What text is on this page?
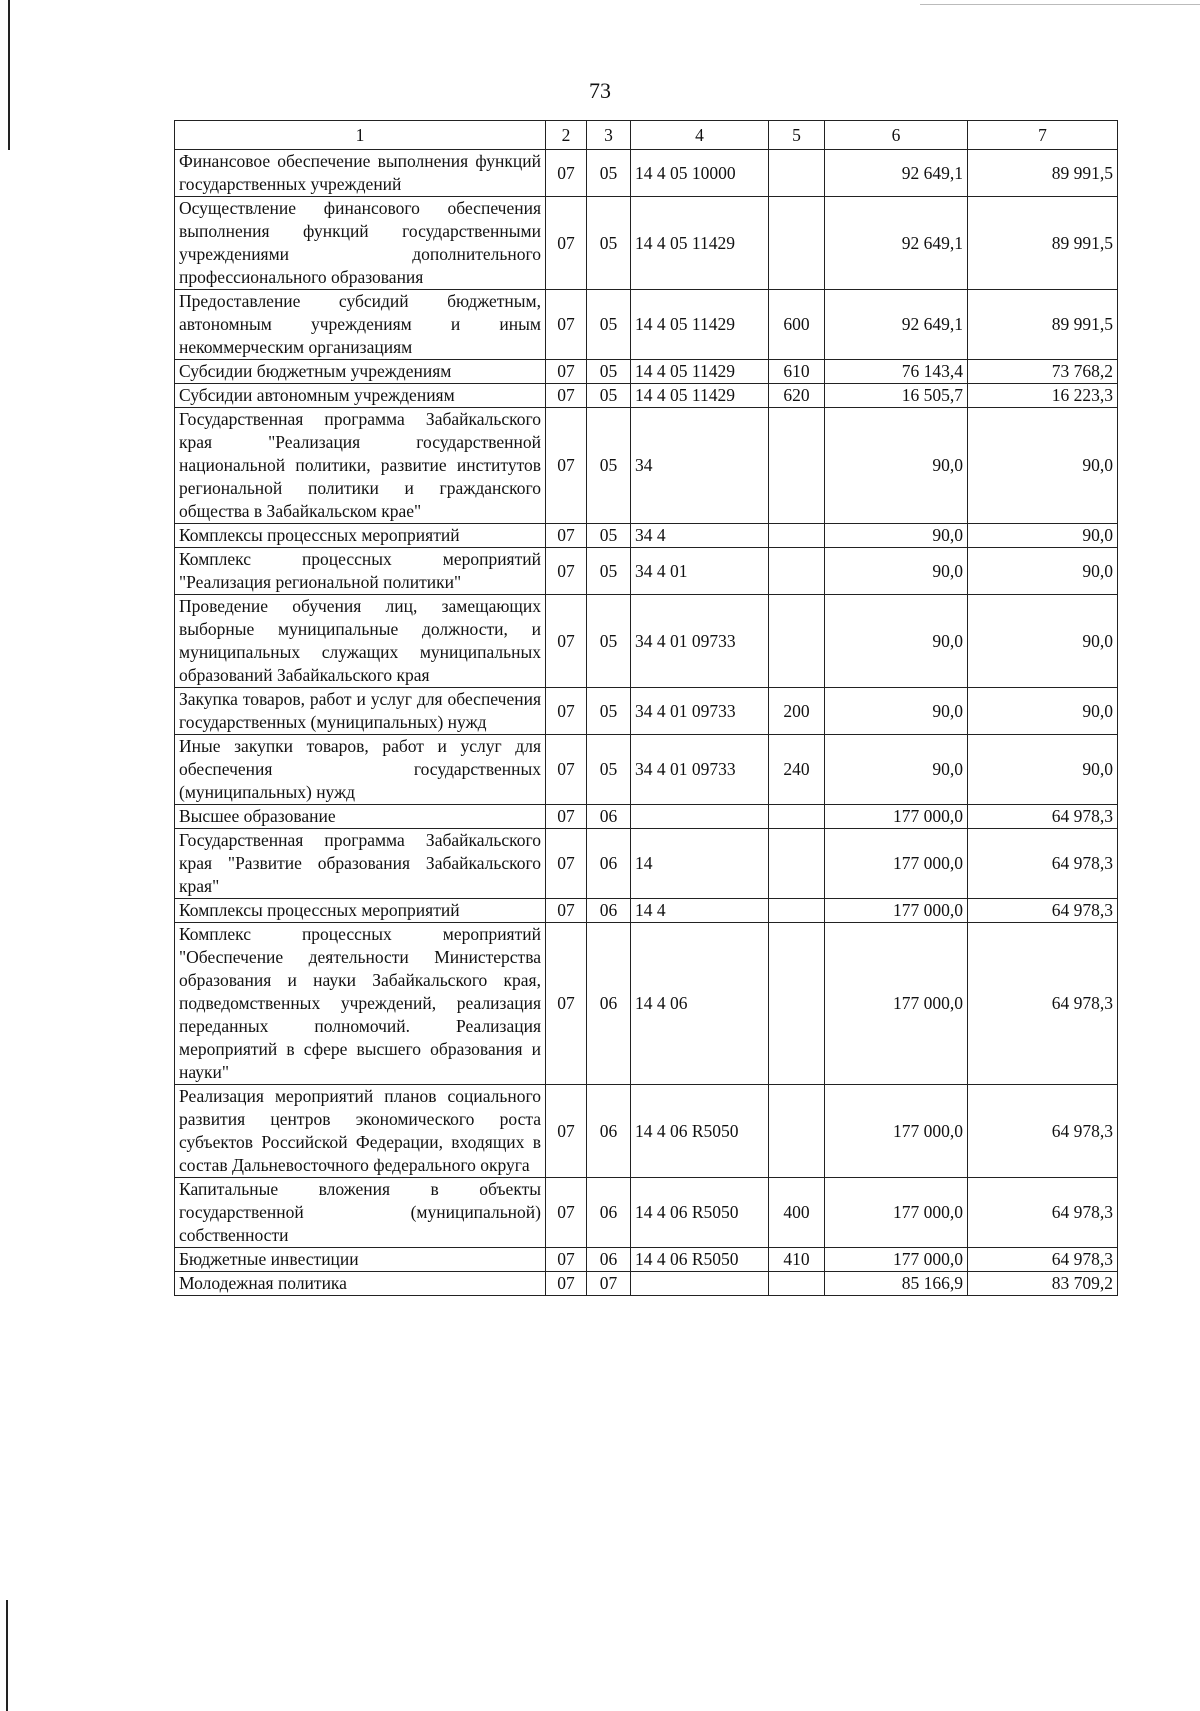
73
1	2	3	4	5	6	7
Финансовое обеспечение выполнения функций государственных учреждений	07	05	14 4 05 10000		92 649,1	89 991,5
Осуществление финансового обеспечения выполнения функций государственными учреждениями дополнительного профессионального образования	07	05	14 4 05 11429		92 649,1	89 991,5
Предоставление субсидий бюджетным, автономным учреждениям и иным некоммерческим организациям	07	05	14 4 05 11429	600	92 649,1	89 991,5
Субсидии бюджетным учреждениям	07	05	14 4 05 11429	610	76 143,4	73 768,2
Субсидии автономным учреждениям	07	05	14 4 05 11429	620	16 505,7	16 223,3
Государственная программа Забайкальского края "Реализация государственной национальной политики, развитие институтов региональной политики и гражданского общества в Забайкальском крае"	07	05	34		90,0	90,0
Комплексы процессных мероприятий	07	05	34 4		90,0	90,0
Комплекс процессных мероприятий "Реализация региональной политики"	07	05	34 4 01		90,0	90,0
Проведение обучения лиц, замещающих выборные муниципальные должности, и муниципальных служащих муниципальных образований Забайкальского края	07	05	34 4 01 09733		90,0	90,0
Закупка товаров, работ и услуг для обеспечения государственных (муниципальных) нужд	07	05	34 4 01 09733	200	90,0	90,0
Иные закупки товаров, работ и услуг для обеспечения государственных (муниципальных) нужд	07	05	34 4 01 09733	240	90,0	90,0
Высшее образование	07	06			177 000,0	64 978,3
Государственная программа Забайкальского края "Развитие образования Забайкальского края"	07	06	14		177 000,0	64 978,3
Комплексы процессных мероприятий	07	06	14 4		177 000,0	64 978,3
Комплекс процессных мероприятий "Обеспечение деятельности Министерства образования и науки Забайкальского края, подведомственных учреждений, реализация переданных полномочий. Реализация мероприятий в сфере высшего образования и науки"	07	06	14 4 06		177 000,0	64 978,3
Реализация мероприятий планов социального развития центров экономического роста субъектов Российской Федерации, входящих в состав Дальневосточного федерального округа	07	06	14 4 06 R5050		177 000,0	64 978,3
Капитальные вложения в объекты государственной (муниципальной) собственности	07	06	14 4 06 R5050	400	177 000,0	64 978,3
Бюджетные инвестиции	07	06	14 4 06 R5050	410	177 000,0	64 978,3
Молодежная политика	07	07			85 166,9	83 709,2
